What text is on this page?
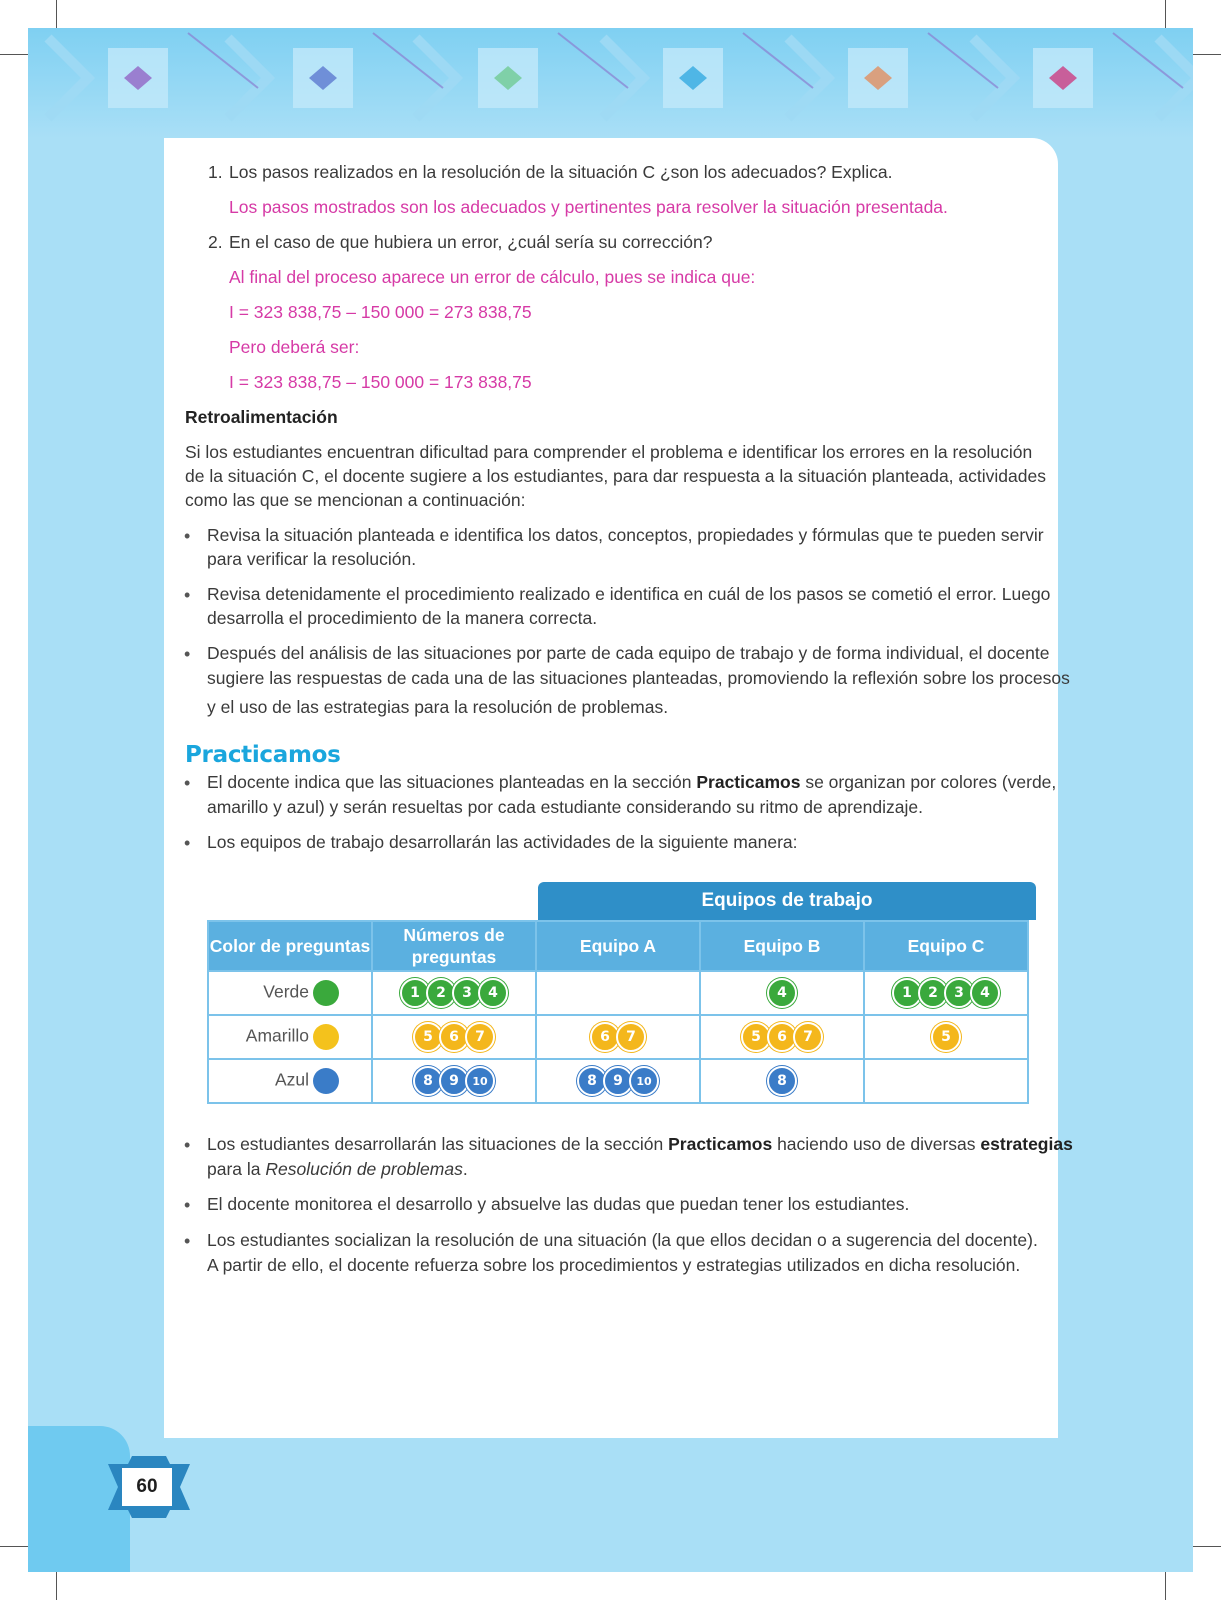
60
1. Los pasos realizados en la resolución de la situación C ¿son los adecuados? Explica.
Los pasos mostrados son los adecuados y pertinentes para resolver la situación presentada.
2. En el caso de que hubiera un error, ¿cuál sería su corrección?
Al final del proceso aparece un error de cálculo, pues se indica que:
I = 323 838,75 – 150 000 = 273 838,75
Pero deberá ser:
I = 323 838,75 – 150 000 = 173 838,75
Retroalimentación
Si los estudiantes encuentran dificultad para comprender el problema e identificar los errores en la resolución
de la situación C, el docente sugiere a los estudiantes, para dar respuesta a la situación planteada, actividades
como las que se mencionan a continuación:
• Revisa la situación planteada e identifica los datos, conceptos, propiedades y fórmulas que te pueden servir
para verificar la resolución.
• Revisa detenidamente el procedimiento realizado e identifica en cuál de los pasos se cometió el error. Luego
desarrolla el procedimiento de la manera correcta.
• Después del análisis de las situaciones por parte de cada equipo de trabajo y de forma individual, el docente
sugiere las respuestas de cada una de las situaciones planteadas, promoviendo la reflexión sobre los procesos
y el uso de las estrategias para la resolución de problemas.
Practicamos
• El docente indica que las situaciones planteadas en la sección Practicamos se organizan por colores (verde,
amarillo y azul) y serán resueltas por cada estudiante considerando su ritmo de aprendizaje.
• Los equipos de trabajo desarrollarán las actividades de la siguiente manera:
Equipos de trabajo
Color de preguntas	Números de preguntas	Equipo A	Equipo B	Equipo C
Verde	1 2 3 4		4	1 2 3 4
Amarillo	5 6 7	6 7	5 6 7	5
Azul	8 9 10	8 9 10	8	
• Los estudiantes desarrollarán las situaciones de la sección Practicamos haciendo uso de diversas estrategias
para la Resolución de problemas.
• El docente monitorea el desarrollo y absuelve las dudas que puedan tener los estudiantes.
• Los estudiantes socializan la resolución de una situación (la que ellos decidan o a sugerencia del docente).
A partir de ello, el docente refuerza sobre los procedimientos y estrategias utilizados en dicha resolución.
